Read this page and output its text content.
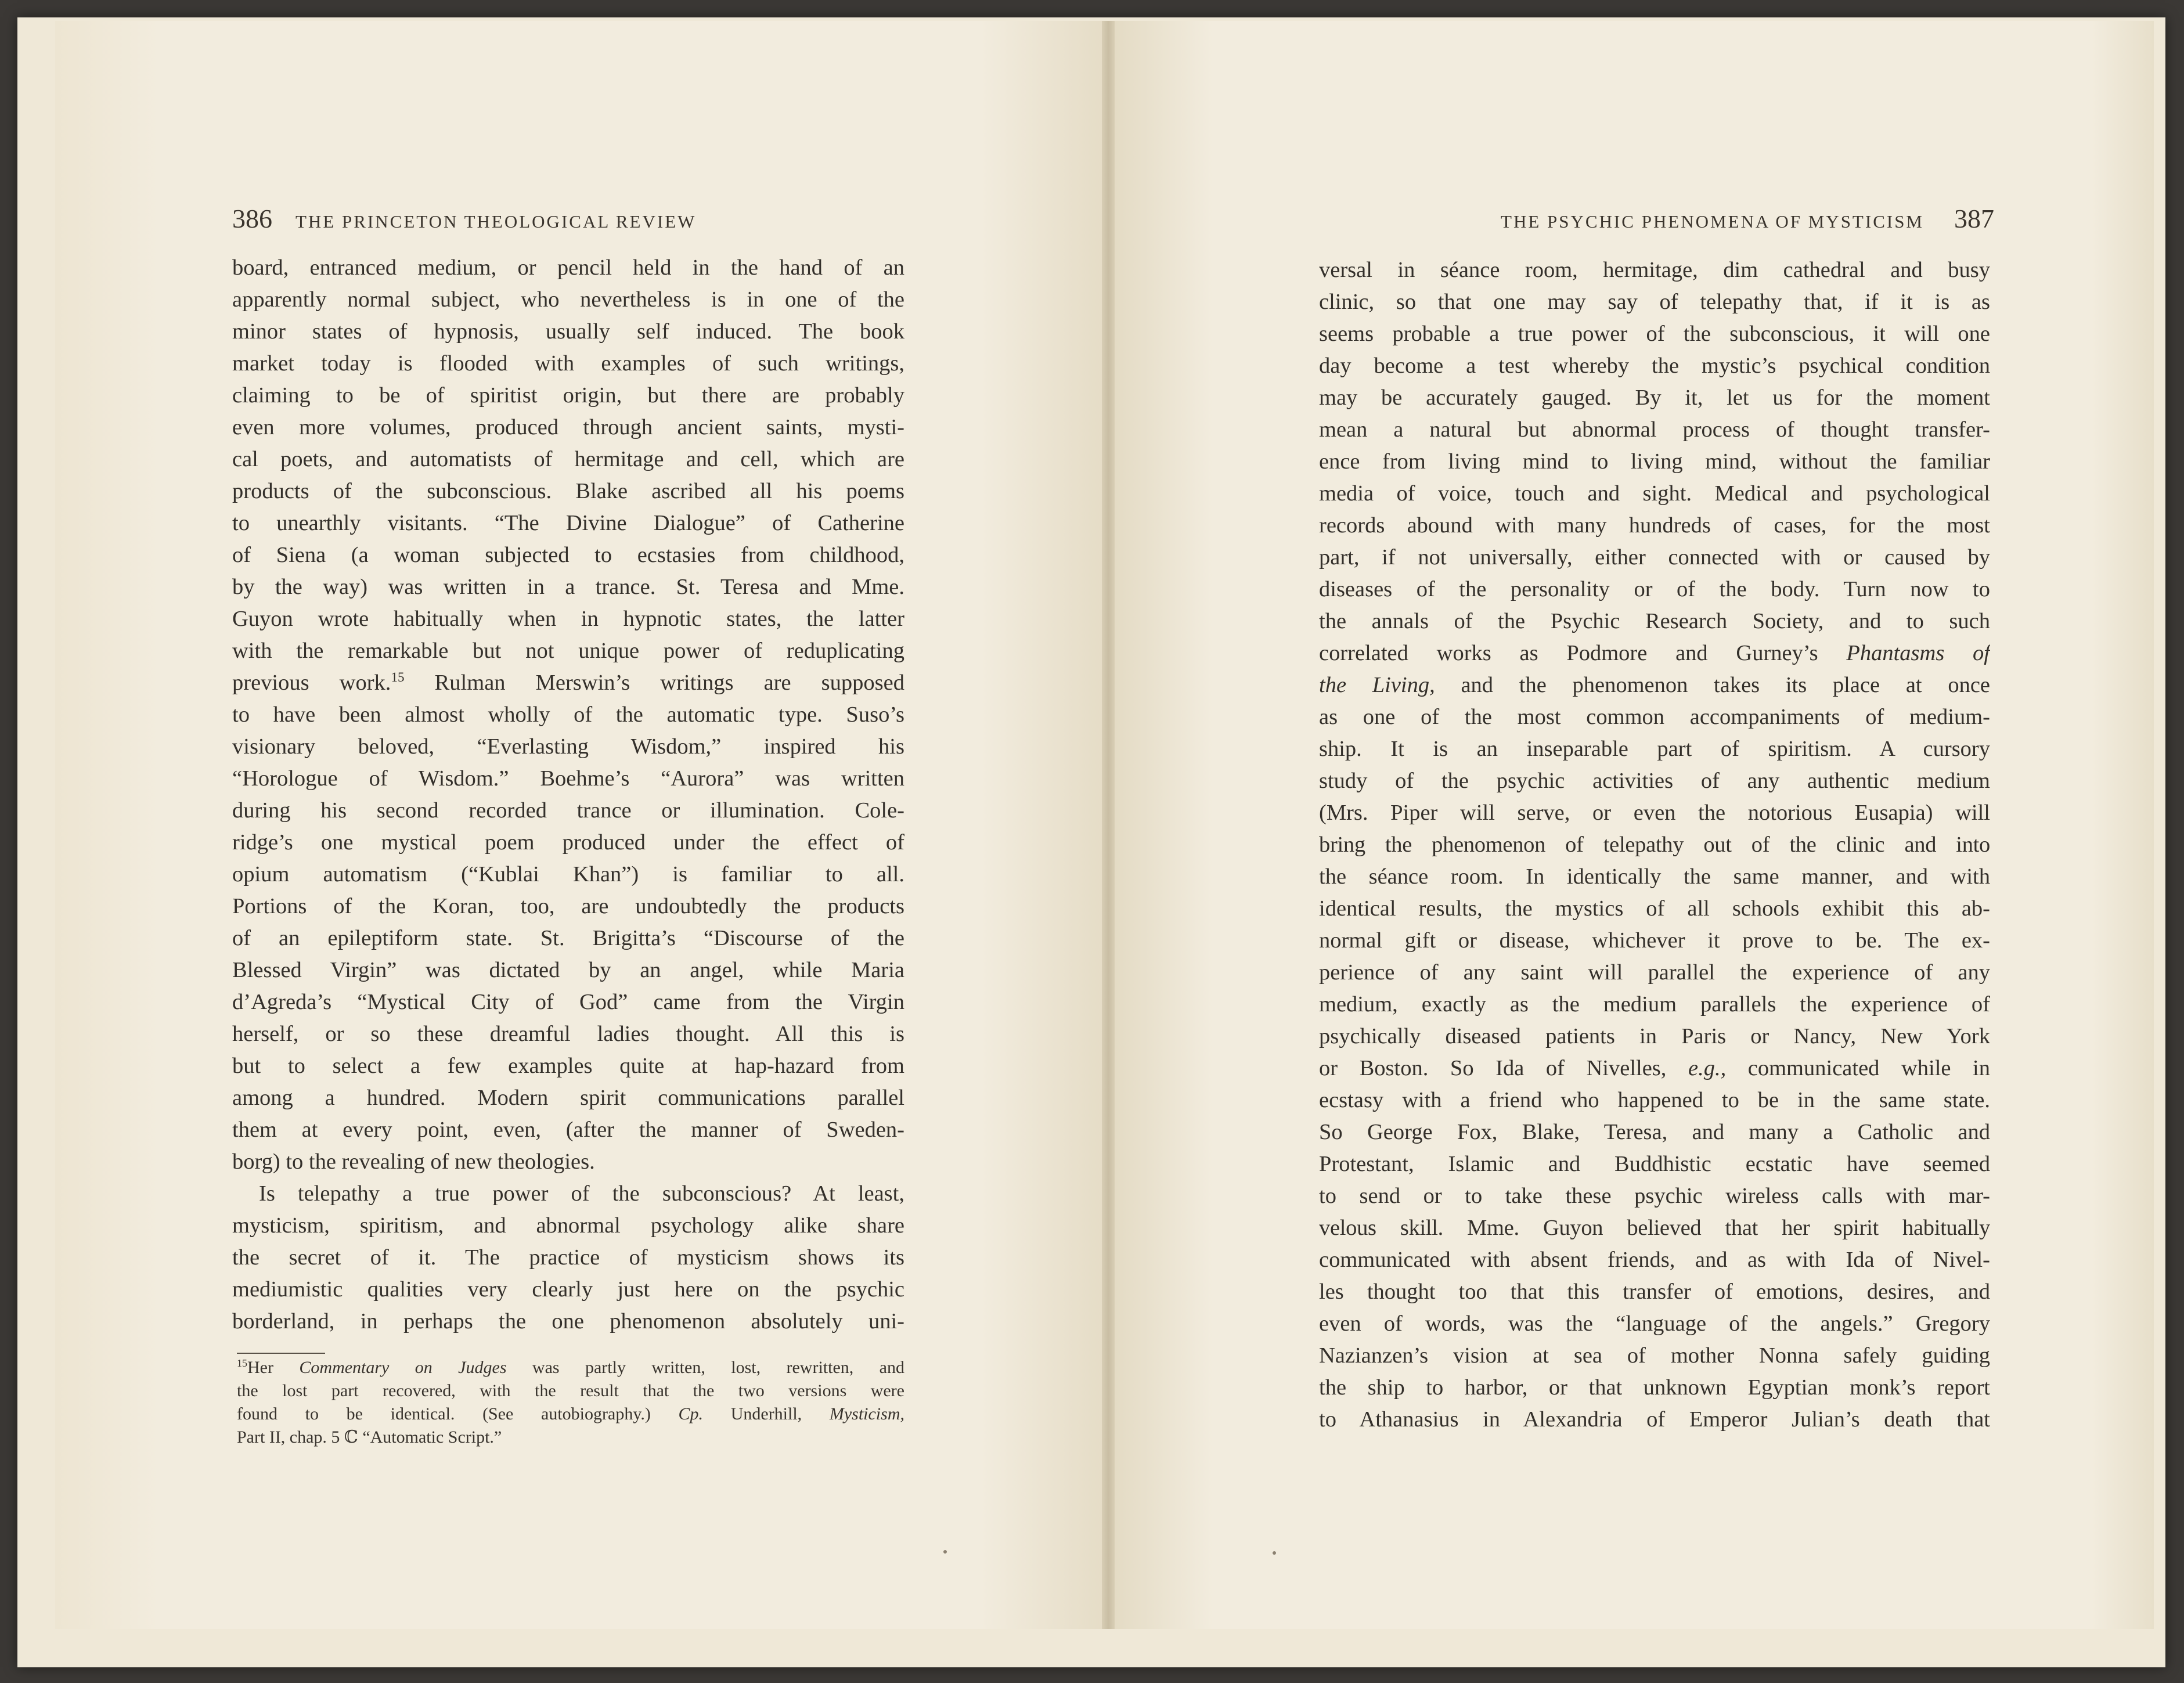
386 THE PRINCETON THEOLOGICAL REVIEW
board, entranced medium, or pencil held in the hand of an
apparently normal subject, who nevertheless is in one of the
minor states of hypnosis, usually self induced. The book
market today is flooded with examples of such writings,
claiming to be of spiritist origin, but there are probably
even more volumes, produced through ancient saints, mysti-
cal poets, and automatists of hermitage and cell, which are
products of the subconscious. Blake ascribed all his poems
to unearthly visitants. “The Divine Dialogue” of Catherine
of Siena (a woman subjected to ecstasies from childhood,
by the way) was written in a trance. St. Teresa and Mme.
Guyon wrote habitually when in hypnotic states, the latter
with the remarkable but not unique power of reduplicating
previous work.$^{15}$ Rulman Merswin’s writings are supposed
to have been almost wholly of the automatic type. Suso’s
visionary beloved, “Everlasting Wisdom,” inspired his
“Horologue of Wisdom.” Boehme’s “Aurora” was written
during his second recorded trance or illumination. Cole-
ridge’s one mystical poem produced under the effect of
opium automatism (“Kublai Khan”) is familiar to all.
Portions of the Koran, too, are undoubtedly the products
of an epileptiform state. St. Brigitta’s “Discourse of the
Blessed Virgin” was dictated by an angel, while Maria
d’Agreda’s “Mystical City of God” came from the Virgin
herself, or so these dreamful ladies thought. All this is
but to select a few examples quite at hap-hazard from
among a hundred. Modern spirit communications parallel
them at every point, even, (after the manner of Sweden-
borg) to the revealing of new theologies.
Is telepathy a true power of the subconscious? At least,
mysticism, spiritism, and abnormal psychology alike share
the secret of it. The practice of mysticism shows its
mediumistic qualities very clearly just here on the psychic
borderland, in perhaps the one phenomenon absolutely uni-
$^{15}$Her Commentary on Judges was partly written, lost, rewritten, and
the lost part recovered, with the result that the two versions were
found to be identical. (See autobiography.) Cp. Underhill, Mysticism,
Part II, chap. 5 ℂ “Automatic Script.”
THE PSYCHIC PHENOMENA OF MYSTICISM 387
versal in séance room, hermitage, dim cathedral and busy
clinic, so that one may say of telepathy that, if it is as
seems probable a true power of the subconscious, it will one
day become a test whereby the mystic’s psychical condition
may be accurately gauged. By it, let us for the moment
mean a natural but abnormal process of thought transfer-
ence from living mind to living mind, without the familiar
media of voice, touch and sight. Medical and psychological
records abound with many hundreds of cases, for the most
part, if not universally, either connected with or caused by
diseases of the personality or of the body. Turn now to
the annals of the Psychic Research Society, and to such
correlated works as Podmore and Gurney’s Phantasms of
the Living, and the phenomenon takes its place at once
as one of the most common accompaniments of medium-
ship. It is an inseparable part of spiritism. A cursory
study of the psychic activities of any authentic medium
(Mrs. Piper will serve, or even the notorious Eusapia) will
bring the phenomenon of telepathy out of the clinic and into
the séance room. In identically the same manner, and with
identical results, the mystics of all schools exhibit this ab-
normal gift or disease, whichever it prove to be. The ex-
perience of any saint will parallel the experience of any
medium, exactly as the medium parallels the experience of
psychically diseased patients in Paris or Nancy, New York
or Boston. So Ida of Nivelles, e.g., communicated while in
ecstasy with a friend who happened to be in the same state.
So George Fox, Blake, Teresa, and many a Catholic and
Protestant, Islamic and Buddhistic ecstatic have seemed
to send or to take these psychic wireless calls with mar-
velous skill. Mme. Guyon believed that her spirit habitually
communicated with absent friends, and as with Ida of Nivel-
les thought too that this transfer of emotions, desires, and
even of words, was the “language of the angels.” Gregory
Nazianzen’s vision at sea of mother Nonna safely guiding
the ship to harbor, or that unknown Egyptian monk’s report
to Athanasius in Alexandria of Emperor Julian’s death that
